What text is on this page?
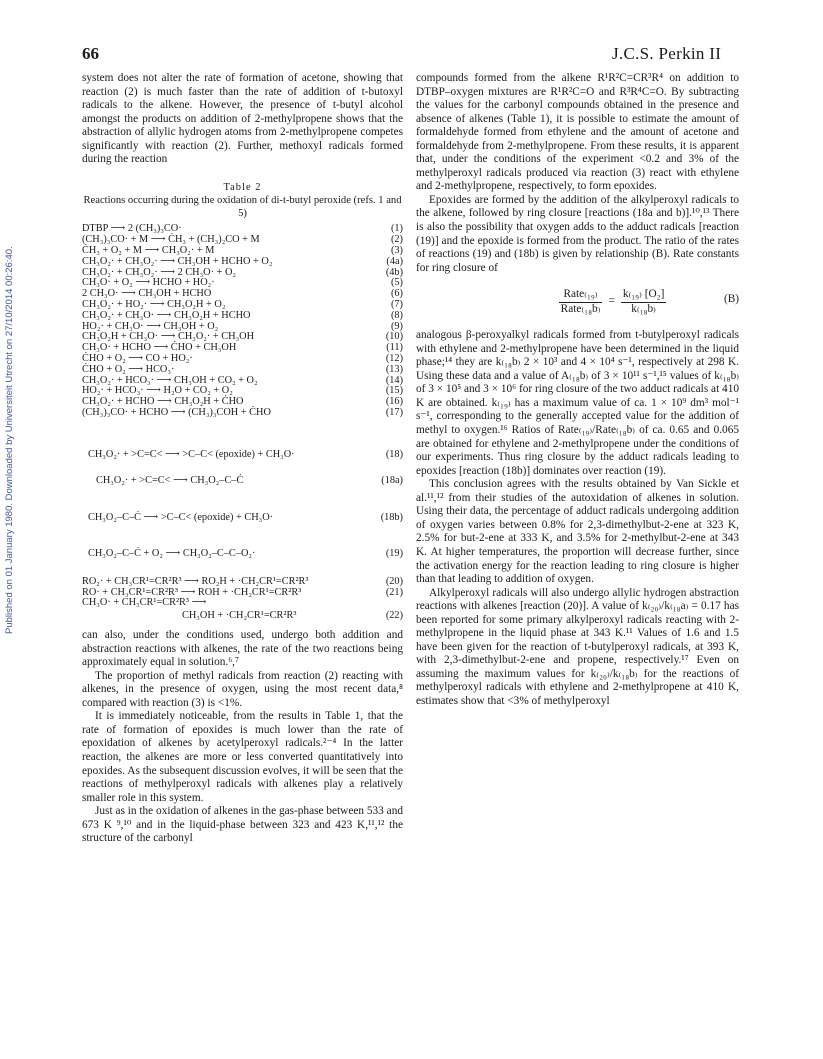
66	J.C.S. Perkin II
Published on 01 January 1980. Downloaded by Universiteit Utrecht on 27/10/2014 00:26:40.

system does not alter the rate of formation of acetone, showing that reaction (2) is much faster than the rate of addition of t-butoxyl radicals to the alkene. However, the presence of t-butyl alcohol amongst the products on addition of 2-methylpropene shows that the abstraction of allylic hydrogen atoms from 2-methylpropene competes significantly with reaction (2). Further, methoxyl radicals formed during the reaction

Table 2
Reactions occurring during the oxidation of di-t-butyl peroxide (refs. 1 and 5)
DTBP ⟶ 2 (CH₃)₃CO·	(1)
(CH₃)₃CO· + M ⟶ ĊH₃ + (CH₃)₂CO + M	(2)
ĊH₃ + O₂ + M ⟶ CH₃O₂· + M	(3)
CH₃O₂· + CH₃O₂· ⟶ CH₃OH + HCHO + O₂	(4a)
CH₃O₂· + CH₃O₂· ⟶ 2 CH₃O· + O₂	(4b)
CH₃O· + O₂ ⟶ HCHO + HO₂·	(5)
2 CH₃O· ⟶ CH₃OH + HCHO	(6)
CH₃O₂· + HO₂· ⟶ CH₃O₂H + O₂	(7)
CH₃O₂· + CH₃O· ⟶ CH₃O₂H + HCHO	(8)
HO₂· + CH₃O· ⟶ CH₃OH + O₂	(9)
CH₃O₂H + CH₃O· ⟶ CH₃O₂· + CH₃OH	(10)
CH₃O· + HCHO ⟶ ĊHO + CH₃OH	(11)
ĊHO + O₂ ⟶ CO + HO₂·	(12)
ĊHO + O₂ ⟶ HCO₃·	(13)
CH₃O₂· + HCO₃· ⟶ CH₃OH + CO₂ + O₂	(14)
HO₂· + HCO₃· ⟶ H₂O + CO₂ + O₂	(15)
CH₃O₂· + HCHO ⟶ CH₃O₂H + ĊHO	(16)
(CH₃)₃CO· + HCHO ⟶ (CH₃)₃COH + ĊHO	(17)
CH₃O₂· + >C=C< ⟶ >C–C< (epoxide) + CH₃O·	(18)
CH₃O₂· + >C=C< ⟶ CH₃O₂–C–Ċ	(18a)
CH₃O₂–C–Ċ ⟶ >C–C< (epoxide) + CH₃O·	(18b)
CH₃O₂–C–Ċ + O₂ ⟶ CH₃O₂–C–C–O₂·	(19)
RO₂· + CH₃CR¹=CR²R³ ⟶ RO₂H + ·CH₂CR¹=CR²R³	(20)
RO· + CH₃CR¹=CR²R³ ⟶ ROH + ·CH₂CR¹=CR²R³	(21)
CH₃O· + CH₃CR¹=CR²R³ ⟶
CH₃OH + ·CH₂CR¹=CR²R³	(22)

can also, under the conditions used, undergo both addition and abstraction reactions with alkenes, the rate of the two reactions being approximately equal in solution.⁶,⁷

The proportion of methyl radicals from reaction (2) reacting with alkenes, in the presence of oxygen, using the most recent data,⁸ compared with reaction (3) is <1%.

It is immediately noticeable, from the results in Table 1, that the rate of formation of epoxides is much lower than the rate of epoxidation of alkenes by acetylperoxyl radicals.²⁻⁴ In the latter reaction, the alkenes are more or less converted quantitatively into epoxides. As the subsequent discussion evolves, it will be seen that the reactions of methylperoxyl radicals with alkenes play a relatively smaller role in this system.

Just as in the oxidation of alkenes in the gas-phase between 533 and 673 K ⁹,¹⁰ and in the liquid-phase between 323 and 423 K,¹¹,¹² the structure of the carbonyl

compounds formed from the alkene R¹R²C=CR³R⁴ on addition to DTBP–oxygen mixtures are R¹R²C=O and R³R⁴C=O. By subtracting the values for the carbonyl compounds obtained in the presence and absence of alkenes (Table 1), it is possible to estimate the amount of formaldehyde formed from ethylene and the amount of acetone and formaldehyde from 2-methylpropene. From these results, it is apparent that, under the conditions of the experiment <0.2 and 3% of the methylperoxyl radicals produced via reaction (3) react with ethylene and 2-methylpropene, respectively, to form epoxides.

Epoxides are formed by the addition of the alkylperoxyl radicals to the alkene, followed by ring closure [reactions (18a and b)].¹⁰,¹³ There is also the possibility that oxygen adds to the adduct radicals [reaction (19)] and the epoxide is formed from the product. The ratio of the rates of reactions (19) and (18b) is given by relationship (B). Rate constants for ring closure of

Rate₍₁₉₎
Rate₍₁₈b₎
= $\frac{\text{k₍₁₉₎ [O₂]}}{\text{k₍₁₈b₎}}$	(B)

analogous β-peroxyalkyl radicals formed from t-butylperoxyl radicals with ethylene and 2-methylpropene have been determined in the liquid phase;¹⁴ they are k₍₁₈b₎ 2 × 10³ and 4 × 10⁴ s⁻¹, respectively at 298 K. Using these data and a value of A₍₁₈b₎ of 3 × 10¹¹ s⁻¹,¹⁵ values of k₍₁₈b₎ of 3 × 10⁵ and 3 × 10⁶ for ring closure of the two adduct radicals at 410 K are obtained. k₍₁₉₎ has a maximum value of ca. 1 × 10⁹ dm³ mol⁻¹ s⁻¹, corresponding to the generally accepted value for the addition of methyl to oxygen.¹⁶ Ratios of Rate₍₁₉₎/Rate₍₁₈b₎ of ca. 0.65 and 0.065 are obtained for ethylene and 2-methylpropene under the conditions of our experiments. Thus ring closure by the adduct radicals leading to epoxides [reaction (18b)] dominates over reaction (19).

This conclusion agrees with the results obtained by Van Sickle et al.¹¹,¹² from their studies of the autoxidation of alkenes in solution. Using their data, the percentage of adduct radicals undergoing addition of oxygen varies between 0.8% for 2,3-dimethylbut-2-ene at 323 K, 2.5% for but-2-ene at 333 K, and 3.5% for 2-methylbut-2-ene at 343 K. At higher temperatures, the proportion will decrease further, since the activation energy for the reaction leading to ring closure is higher than that leading to addition of oxygen.

Alkylperoxyl radicals will also undergo allylic hydrogen abstraction reactions with alkenes [reaction (20)]. A value of k₍₂₀₎/k₍₁₈a₎ = 0.17 has been reported for some primary alkylperoxyl radicals reacting with 2-methylpropene in the liquid phase at 343 K.¹¹ Values of 1.6 and 1.5 have been given for the reaction of t-butylperoxyl radicals, at 393 K, with 2,3-dimethylbut-2-ene and propene, respectively.¹⁷ Even on assuming the maximum values for k₍₂₀₎/k₍₁₈b₎ for the reactions of methylperoxyl radicals with ethylene and 2-methylpropene at 410 K, estimates show that <3% of methylperoxyl
